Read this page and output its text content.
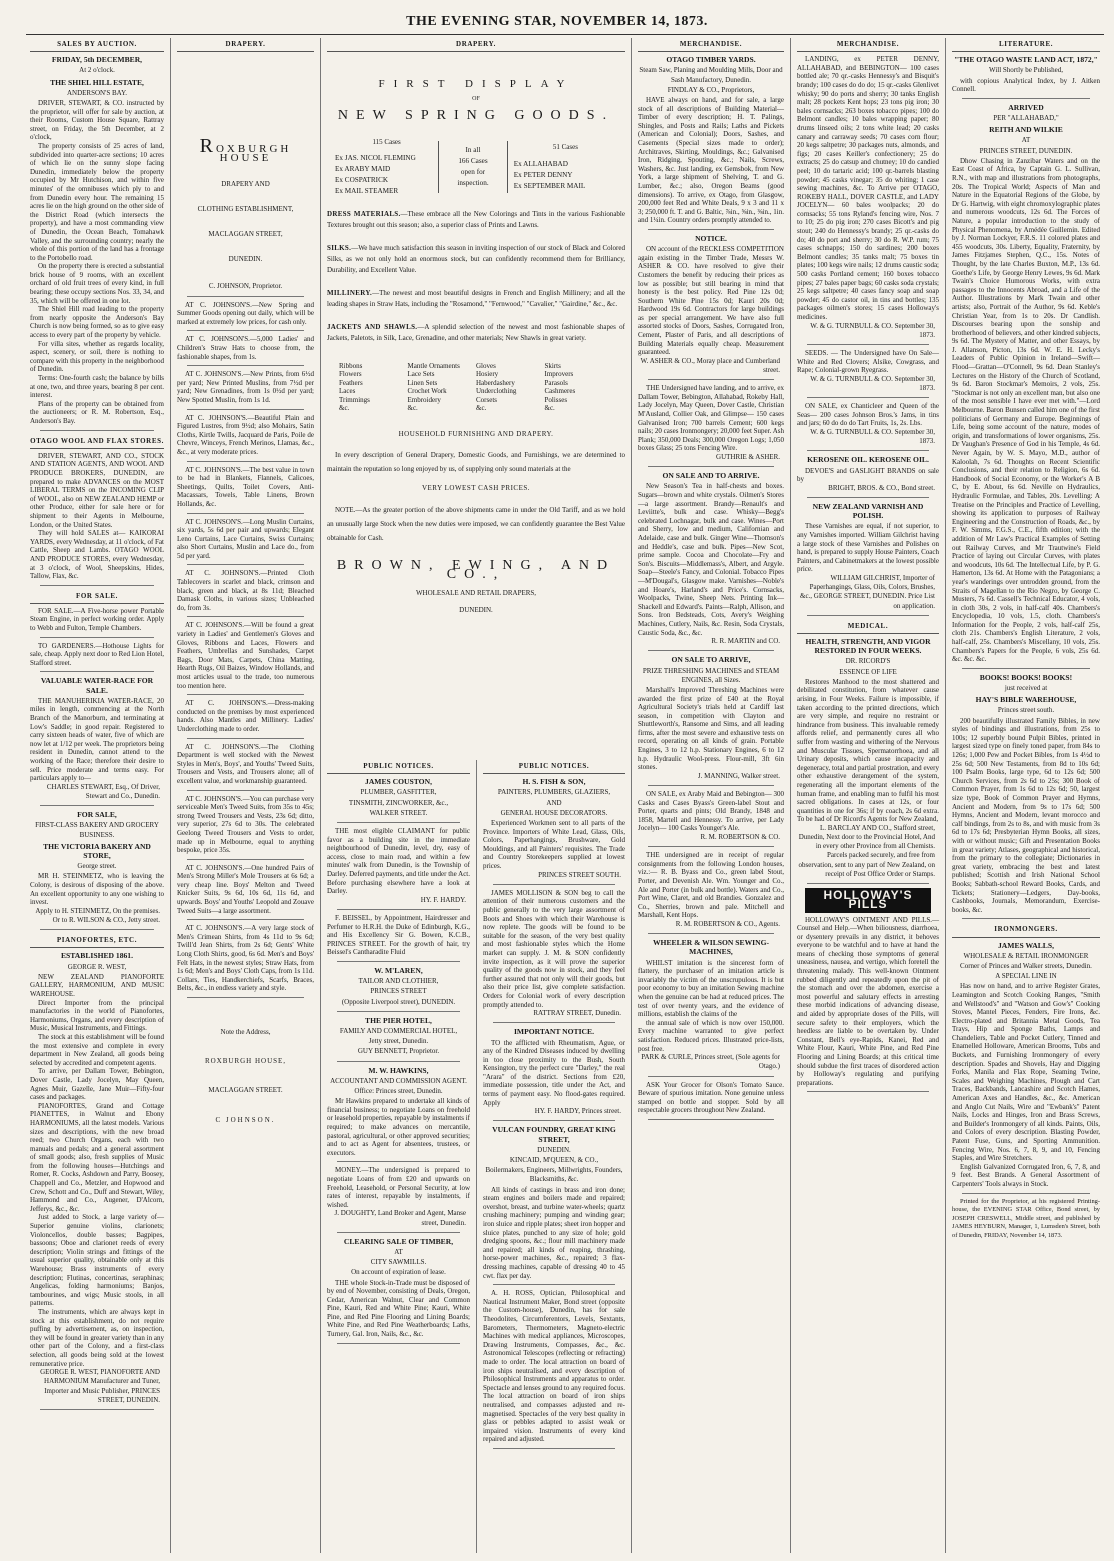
THE EVENING STAR, NOVEMBER 14, 1873.
SALES BY AUCTION.
FRIDAY, 5th DECEMBER,
At 2 o'clock.
THE SHIEL HILL ESTATE,
ANDERSON'S BAY.
DRIVER, STEWART, & CO. instructed by the proprietor, will offer for sale by auction, at their Rooms, Custom House Square, Rattray street, on Friday, the 5th December, at 2 o'clock,
The property consists of 25 acres of land, subdivided into quarter-acre sections; 10 acres of which lie on the sunny slope facing Dunedin, immediately below the property occupied by Mr Hutchison, and within five minutes' of the omnibuses which ply to and from Dunedin every hour. The remaining 15 acres lie on the high ground on the other side of the District Road (which intersects the property), and have a most commanding view of Dunedin, the Ocean Beach, Tomahawk Valley, and the surrounding country; nearly the whole of this portion of the land has a frontage to the Portobello road.
On the property there is erected a substantial brick house of 9 rooms, with an excellent orchard of old fruit trees of every kind, in full bearing; these occupy sections Nos. 33, 34, and 35, which will be offered in one lot.
The Shiel Hill road leading to the property from nearly opposite the Anderson's Bay Church is now being formed, so as to give easy access to every part of the property by vehicle.
For villa sites, whether as regards locality, aspect, scenery, or soil, there is nothing to compare with this property in the neighborhood of Dunedin.
Terms: One-fourth cash; the balance by bills at one, two, and three years, bearing 8 per cent. interest.
Plans of the property can be obtained from the auctioneers; or R. M. Robertson, Esq., Anderson's Bay.
OTAGO WOOL AND FLAX STORES.
DRIVER, STEWART, AND CO., STOCK AND STATION AGENTS, AND WOOL AND PRODUCE BROKERS, DUNEDIN, are prepared to make ADVANCES on the MOST LIBERAL TERMS on the INCOMING CLIP of WOOL, also on NEW ZEALAND HEMP or other Produce, either for sale here or for shipment to their Agents in Melbourne, London, or the United States.
They will hold SALES at— KAIKORAI YARDS, every Wednesday, at 11 o'clock, of Fat Cattle, Sheep and Lambs. OTAGO WOOL AND PRODUCE STORES, every Wednesday, at 3 o'clock, of Wool, Sheepskins, Hides, Tallow, Flax, &c.
FOR SALE.
FOR SALE.—A Five-horse power Portable Steam Engine, in perfect working order. Apply to Webb and Fulton, Temple Chambers.
TO GARDENERS.—Hothouse Lights for sale, cheap. Apply next door to Red Lion Hotel, Stafford street.
VALUABLE WATER-RACE FOR SALE.
THE MANUHERIKIA WATER-RACE, 20 miles in length, commencing at the North Branch of the Manorburn, and terminating at Low's Saddle; in good repair. Registered to carry sixteen heads of water, five of which are now let at 1/12 per week. The proprietors being resident in Dunedin, cannot attend to the working of the Race; therefore their desire to sell. Price moderate and terms easy. For particulars apply to—
CHARLES STEWART, Esq., Of Driver, Stewart and Co., Dunedin.
FOR SALE,
FIRST-CLASS BAKERY AND GROCERY BUSINESS.
THE VICTORIA BAKERY AND STORE,
George street.
MR H. STEINMETZ, who is leaving the Colony, is desirous of disposing of the above. An excellent opportunity to any one wishing to invest.
Apply to H. STEINMETZ, On the premises. Or to R. WILSON & CO., Jetty street.
PIANOFORTES, ETC.
ESTABLISHED 1861.
GEORGE R. WEST,
NEW ZEALAND PIANOFORTE GALLERY, HARMONIUM, AND MUSIC WAREHOUSE.
Direct Importer from the principal manufactories in the world of Pianofortes, Harmoniums, Organs, and every description of Music, Musical Instruments, and Fittings.
The stock at this establishment will be found the most extensive and complete in every department in New Zealand, all goods being selected by accredited and competent agents.
To arrive, per Dallam Tower, Bebington, Dover Castle, Lady Jocelyn, May Queen, Agnes Muir, Gazelle, Jane Muir—Fifty-four cases and packages.
PIANOFORTES, Grand and Cottage PIANETTES, in Walnut and Ebony HARMONIUMS, all the latest models. Various sizes and descriptions, with the new broad reed; two Church Organs, each with two manuals and pedals; and a general assortment of small goods; also, fresh supplies of Music from the following houses—Hutchings and Romer, R. Cocks, Ashdown and Parry, Boosey, Chappell and Co., Metzler, and Hopwood and Crew, Schott and Co., Duff and Stewart, Wiley, Hammond and Co., Augener, D'Alcorn, Jefferys, &c., &c.
Just added to Stock, a large variety of— Superior genuine violins, clarionets; Violoncellos, double basses; Bagpipes, bassoons; Oboe and clarionet reeds of every description; Violin strings and fittings of the usual superior quality, obtainable only at this Warehouse; Brass instruments of every description; Flutinas, concertinas, seraphinas; Angelicas, folding harmoniums; Banjos, tambourines, and wigs; Music stools, in all patterns.
The instruments, which are always kept in stock at this establishment, do not require puffing by advertisement, as, on inspection, they will be found in greater variety than in any other part of the Colony, and a first-class selection, all goods being sold at the lowest remunerative price.
GEORGE R. WEST, PIANOFORTE AND HARMONIUM Manufacturer and Tuner, Importer and Music Publisher, PRINCES STREET, DUNEDIN.
DRAPERY.
ROXBURGH HOUSE
DRAPERY AND
CLOTHING ESTABLISHMENT,
MACLAGGAN STREET,
DUNEDIN.
C. JOHNSON, Proprietor.
AT C. JOHNSON'S.—New Spring and Summer Goods opening out daily, which will be marked at extremely low prices, for cash only.
AT C. JOHNSON'S.—5,000 Ladies' and Children's Straw Hats to choose from, the fashionable shapes, from 1s.
AT C. JOHNSON'S.—New Prints, from 6½d per yard; New Printed Muslins, from 7½d per yard; New Grenadines, from 1s 0½d per yard; New Spotted Muslin, from 1s 1d.
AT C. JOHNSON'S.—Beautiful Plain and Figured Lustres, from 9½d; also Mohairs, Satin Cloths, Kirtle Twills, Jacquard de Paris, Poile de Chevre, Winceys, French Merinos, Llamas, &c., &c., at very moderate prices.
AT C. JOHNSON'S.—The best value in town to be had in Blankets, Flannels, Calicoes, Sheetings, Quilts, Toilet Covers, Anti-Macassars, Towels, Table Linens, Brown Hollands, &c.
AT C. JOHNSON'S.—Long Muslin Curtains, six yards, 5s 6d per pair and upwards; Elegant Leno Curtains, Lace Curtains, Swiss Curtains; also Short Curtains, Muslin and Lace do., from 5d per yard.
AT C. JOHNSON'S.—Printed Cloth Tablecovers in scarlet and black, crimson and black, green and black, at 8s 11d; Bleached Damask Cloths, in various sizes; Unbleached do, from 3s.
AT C. JOHNSON'S.—Will be found a great variety in Ladies' and Gentlemen's Gloves and Gloves, Ribbons and Laces, Flowers and Feathers, Umbrellas and Sunshades, Carpet Bags, Door Mats, Carpets, China Matting, Hearth Rugs, Oil Baizes, Window Hollands, and most articles usual to the trade, too numerous too mention here.
AT C. JOHNSON'S.—Dress-making conducted on the premises by most experienced hands. Also Mantles and Millinery. Ladies' Underclothing made to order.
AT C. JOHNSON'S.—The Clothing Department is well stocked with the Newest Styles in Men's, Boys', and Youths' Tweed Suits, Trousers and Vests, and Trousers alone; all of excellent value, and workmanship guaranteed.
AT C. JOHNSON'S.—You can purchase very serviceable Men's Tweed Suits, from 35s to 45s; strong Tweed Trousers and Vests, 23s 6d; ditto, very superior, 27s 6d to 30s. The celebrated Geelong Tweed Trousers and Vests to order, made up in Melbourne, equal to anything bespoke, price 35s.
AT C. JOHNSON'S.—One hundred Pairs of Men's Strong Miller's Mole Trousers at 6s 6d; a very cheap line. Boys' Melton and Tweed Knicker Suits, 9s 6d, 10s 6d, 11s 6d, and upwards. Boys' and Youths' Leopold and Zouave Tweed Suits—a large assortment.
AT C. JOHNSON'S.—A very large stock of Men's Crimean Shirts, from 4s 11d to 9s 6d; Twill'd Jean Shirts, from 2s 6d; Gents' White Long Cloth Shirts, good, 6s 6d. Men's and Boys' Felt Hats, in the newest styles; Straw Hats, from 1s 6d; Men's and Boys' Cloth Caps, from 1s 11d. Collars, Ties, Handkerchiefs, Scarfs, Braces, Belts, &c., in endless variety and style.
Note the Address,
ROXBURGH HOUSE,
MACLAGGAN STREET.
C JOHNSON.
DRAPERY.
FIRST DISPLAY
OF
NEW SPRING GOODS.
115 Cases
Ex JAS. NICOL FLEMING
Ex ARABY MAID
Ex COSPATRICK
Ex MAIL STEAMER
In all
166 Cases
open for
inspection.
51 Cases
Ex ALLAHABAD
Ex PETER DENNY
Ex SEPTEMBER MAIL
DRESS MATERIALS.—These embrace all the New Colorings and Tints in the various Fashionable Textures brought out this season; also, a superior class of Prints and Lawns.
SILKS.—We have much satisfaction this season in inviting inspection of our stock of Black and Colored Silks, as we not only hold an enormous stock, but can confidently recommend them for Brilliancy, Durability, and Excellent Value.
MILLINERY.—The newest and most beautiful designs in French and English Millinery; and all the leading shapes in Straw Hats, including the "Rosamond," "Fernwood," "Cavalier," "Gairdine," &c., &c.
JACKETS AND SHAWLS.—A splendid selection of the newest and most fashionable shapes of Jackets, Paletots, in Silk, Lace, Grenadine, and other materials; New Shawls in great variety.
Ribbons
Flowers
Feathers
Laces
Trimmings
&c.
Mantle Ornaments
Lace Sets
Linen Sets
Crochet Work
Embroidery
&c.
Gloves
Hosiery
Haberdashery
Underclothing
Corsets
&c.
Skirts
Improvers
Parasols
Cashmeres
Polisses
&c.
HOUSEHOLD FURNISHING AND DRAPERY.
In every description of General Drapery, Domestic Goods, and Furnishings, we are determined to maintain the reputation so long enjoyed by us, of supplying only sound materials at the
VERY LOWEST CASH PRICES.
NOTE.—As the greater portion of the above shipments came in under the Old Tariff, and as we hold an unusually large Stock when the new duties were imposed, we can confidently guarantee the Best Value obtainable for Cash.
BROWN, EWING, AND CO.,
WHOLESALE AND RETAIL DRAPERS,
DUNEDIN.
PUBLIC NOTICES.
JAMES COUSTON,
PLUMBER, GASFITTER,
TINSMITH, ZINCWORKER, &c.,
WALKER STREET.
THE most eligible CLAIMANT for public favor as a building site in the immediate neighbourhood of Dunedin, level, dry, easy of access, close to main road, and within a few minutes' walk from Dunedin, is the Township of Darley. Deferred payments, and title under the Act. Before purchasing elsewhere have a look at Darley.
HY. F. HARDY.
F. BEISSEL, by Appointment, Hairdresser and Perfumer to H.R.H. the Duke of Edinburgh, K.G., and His Excellency Sir G. Bowen, K.C.B., PRINCES STREET. For the growth of hair, try Beissel's Cantharadite Fluid
W. M'LAREN,
TAILOR AND CLOTHIER,
PRINCES STREET
(Opposite Liverpool street), DUNEDIN.
THE PIER HOTEL,
FAMILY AND COMMERCIAL HOTEL,
Jetty street, Dunedin.
GUY BENNETT, Proprietor.
M. W. HAWKINS,
ACCOUNTANT AND COMMISSION AGENT.
Office: Princes street, Dunedin.
Mr Hawkins prepared to undertake all kinds of financial business; to negotiate Loans on freehold or leasehold properties, repayable by instalments if required; to make advances on mercantile, pastoral, agricultural, or other approved securities; and to act as Agent for absentees, trustees, or executors.
MONEY.—The undersigned is prepared to negotiate Loans of from £20 and upwards on Freehold, Leasehold, or Personal Security, at low rates of interest, repayable by instalments, if wished.
J. DOUGHTY, Land Broker and Agent, Manse street, Dunedin.
CLEARING SALE OF TIMBER,
AT
CITY SAWMILLS.
On account of expiration of lease.
THE whole Stock-in-Trade must be disposed of by end of November, consisting of Deals, Oregon, Cedar, American Walnut, Clear and Common Pine, Kauri, Red and White Pine; Kauri, White Pine, and Red Pine Flooring and Lining Boards; White Pine, and Red Pine Weatherboards; Laths, Turnery, Gal. Iron, Nails, &c., &c.
PUBLIC NOTICES.
H. S. FISH & SON,
PAINTERS, PLUMBERS, GLAZIERS,
AND
GENERAL HOUSE DECORATORS.
Experienced Workmen sent to all parts of the Province. Importers of White Lead, Glass, Oils, Colors, Paperhangings, Brushware, Gold Mouldings, and all Painters' requisites. The Trade and Country Storekeepers supplied at lowest prices.
PRINCES STREET SOUTH.
JAMES MOLLISON & SON beg to call the attention of their numerous customers and the public generally to the very large assortment of Boots and Shoes with which their Warehouse is now replete. The goods will be found to be suitable for the season, of the very best quality and most fashionable styles which the Home market can supply. J. M. & SON confidently invite inspection, as it will prove the superior quality of the goods now in stock, and they feel further assured that not only will their goods, but also their price list, give complete satisfaction. Orders for Colonial work of every description promptly attended to.
RATTRAY STREET, Dunedin.
IMPORTANT NOTICE.
TO the afflicted with Rheumatism, Ague, or any of the Kindred Diseases induced by dwelling in too close proximity to the Bush, South Kensington, try the perfect cure "Darley," the real "Arara" of the district. Sections from £20, immediate possession, title under the Act, and terms of payment easy. No flood-gates required. Apply
HY. F. HARDY, Princes street.
VULCAN FOUNDRY, GREAT KING STREET,
DUNEDIN.
KINCAID, M'QUEEN, & CO.,
Boilermakers, Engineers, Millwrights, Founders, Blacksmiths, &c.
All kinds of castings in brass and iron done; steam engines and boilers made and repaired; overshot, breast, and turbine water-wheels; quartz crushing machinery; pumping and winding gear; iron sluice and ripple plates; sheet iron hopper and sluice plates, punched to any size of hole; gold dredging spoons, &c.; flour mill machinery made and repaired; all kinds of reaping, thrashing, horse-power machines, &c., repaired; 3 flax-dressing machines, capable of dressing 40 to 45 cwt. flax per day.
A. H. ROSS, Optician, Philosophical and Nautical Instrument Maker, Bond street (opposite the Custom-house), Dunedin, has for sale Theodolites, Circumferentors, Levels, Sextants, Barometers, Thermometers, Magneto-electric Machines with medical appliances, Microscopes, Drawing Instruments, Compasses, &c., &c. Astronomical Telescopes (reflecting or refracting) made to order. The local attraction on board of iron ships neutralised, and every description of Philosophical Instruments and apparatus to order. Spectacle and lenses ground to any required focus. The local attraction on board of iron ships neutralised, and compasses adjusted and re-magnetised. Spectacles of the very best quality in glass or pebbles adapted to assist weak or impaired vision. Instruments of every kind repaired and adjusted.
MERCHANDISE.
OTAGO TIMBER YARDS.
Steam Saw, Planing and Moulding Mills, Door and Sash Manufactory, Dunedin.
FINDLAY & CO., Proprietors,
HAVE always on hand, and for sale, a large stock of all descriptions of Building Material— Timber of every description; H. T. Palings, Shingles, and Posts and Rails; Laths and Pickets (American and Colonial); Doors, Sashes, and Casements (Special sizes made to order); Architraves, Skirting, Mouldings, &c.; Galvanised Iron, Ridging, Spouting, &c.; Nails, Screws, Washers, &c. Just landing, ex Gemsbok, from New York, a large shipment of Shelving, T. and G. Lumber, &c.; also, Oregon Beams (good dimensions). To arrive, ex Otago, from Glasgow, 200,000 feet Red and White Deals, 9 x 3 and 11 x 3; 250,000 ft. T. and G. Baltic, ⅞in., ⅝in., ⅜in., 1in. and 1¼in. Country orders promptly attended to.
NOTICE.
ON account of the RECKLESS COMPETITION again existing in the Timber Trade, Messrs W. ASHER & CO. have resolved to give their Customers the benefit by reducing their prices as low as possible; but still bearing in mind that honesty is the best policy. Red Pine 12s 0d; Southern White Pine 15s 0d; Kauri 20s 0d; Hardwood 19s 6d. Contractors for large buildings as per special arrangement. We have also full assorted stocks of Doors, Sashes, Corrugated Iron, Cement, Plaster of Paris, and all descriptions of Building Materials equally cheap. Measurement guaranteed.
W. ASHER & CO., Moray place and Cumberland street.
THE Undersigned have landing, and to arrive, ex Dallam Tower, Bebington, Allahabad, Rokeby Hall, Lady Jocelyn, May Queen, Dover Castle, Christian M'Ausland, Collier Oak, and Glimpse— 150 cases Galvanised Iron; 700 barrels Cement; 600 kegs nails; 20 cases Ironmongery; 20,000 feet Super. Ash Plank; 350,000 Deals; 300,000 Oregon Logs; 1,050 boxes Glass; 25 tons Fencing Wire.
GUTHRIE & ASHER.
ON SALE AND TO ARRIVE.
New Season's Tea in half-chests and boxes. Sugars—brown and white crystals. Oilmen's Stores—a large assortment. Brandy—Renault's and Leviitte's, bulk and case. Whisky—Begg's celebrated Lochnagar, bulk and case. Wines—Port and Sherry, low and medium, Californian and Adelaide, case and bulk. Ginger Wine—Thomson's and Heddle's, case and bulk. Pipes—New Scot, prime sample. Cocoa and Chocolate—Fry and Son's. Biscuits—Middlemass's, Albert, and Argyle. Soap—Steele's Fancy, and Colonial. Tobacco Pipes—M'Dougal's, Glasgow make. Varnishes—Noble's and Hoare's, Harland's and Price's. Cornsacks, Woolpacks, Twine, Sheep Nets. Printing Ink—Shackell and Edward's. Paints—Ralph, Allison, and Sons. Iron Bedsteads, Cots, Avery's Weighing Machines, Cutlery, Nails, &c. Resin, Soda Crystals, Caustic Soda, &c., &c.
R. R. MARTIN and CO.
ON SALE TO ARRIVE,
PRIZE THRESHING MACHINES and STEAM ENGINES, all Sizes.
Marshall's Improved Threshing Machines were awarded the first prize of £40 at the Royal Agricultural Society's trials held at Cardiff last season, in competition with Clayton and Shuttleworth's, Ransome and Sims, and all leading firms, after the most severe and exhaustive tests on record, operating on all kinds of grain. Portable Engines, 3 to 12 h.p. Stationary Engines, 6 to 12 h.p. Hydraulic Wool-press. Flour-mill, 3ft 6in stones.
J. MANNING, Walker street.
ON SALE, ex Araby Maid and Bebington— 300 Casks and Cases Byass's Green-label Stout and Porter, quarts and pints; Old Brandy, 1848 and 1858, Martell and Hennessy. To arrive, per Lady Jocelyn— 100 Casks Younger's Ale.
R. M. ROBERTSON & CO.
THE undersigned are in receipt of regular consignments from the following London houses, viz.:— R. B. Byass and Co., green label Stout, Porter, and Devenish Ale. Wm. Younger and Co., Ale and Porter (in bulk and bottle). Waters and Co., Port Wine, Claret, and old Brandies. Gonzalez and Co., Sherries, brown and pale. Mitchell and Marshall, Kent Hops.
R. M. ROBERTSON & CO., Agents.
WHEELER & WILSON SEWING-MACHINES,
WHILST imitation is the sincerest form of flattery, the purchaser of an imitation article is invariably the victim of the unscrupulous. It is but poor economy to buy an imitation Sewing machine when the genuine can be had at reduced prices. The test of over twenty years, and the evidence of millions, establish the claims of the
the annual sale of which is now over 150,000. Every machine warranted to give perfect satisfaction. Reduced prices. Illustrated price-lists, post free.
PARK & CURLE, Princes street, (Sole agents for Otago.)
ASK Your Grocer for Olson's Tomato Sauce. Beware of spurious imitation. None genuine unless stamped on bottle and stopper. Sold by all respectable grocers throughout New Zealand.
MERCHANDISE.
LANDING, ex PETER DENNY, ALLAHABAD, and BEBINGTON— 100 cases bottled ale; 70 qr.-casks Hennessy's and Bisquit's brandy; 100 cases do do do; 15 qr.-casks Glenlivet whisky; 90 do ports and sherry; 30 tanks English malt; 28 pockets Kent hops; 23 tons pig iron; 30 bales cornsacks; 263 boxes tobacco pipes; 100 do Belmont candles; 10 bales wrapping paper; 80 drums linseed oils; 2 tons white lead; 20 casks canary and carraway seeds; 70 cases corn flour; 20 kegs saltpetre; 30 packages nuts, almonds, and figs; 20 cases Keiller's confectionery; 25 do extracts; 25 do catsup and chutney; 10 do candied peel; 10 do tartaric acid; 100 qr.-barrels blasting powder; 45 casks vinegar; 35 do whiting; 1 case sewing machines, &c. To Arrive per OTAGO, ROKEBY HALL, DOVER CASTLE, and LADY JOCELYN— 60 bales woolpacks; 20 do cornsacks; 55 tons Ryland's fencing wire, Nos. 7 to 10; 25 do pig iron; 270 cases Bicott's and pig stout; 240 do Hennessy's brandy; 25 qr.-casks do do; 40 do port and sherry; 30 do R. W.P. rum; 75 cases schnapps; 150 do sardines; 200 boxes Belmont candles; 35 tanks malt; 75 boxes tin plates; 100 kegs wire nails; 12 drums caustic soda; 500 casks Portland cement; 160 boxes tobacco pipes; 27 bales paper bags; 60 casks soda crystals; 25 kegs saltpetre; 40 cases fancy soap and soap powder; 45 do castor oil, in tins and bottles; 135 packages oilmen's stores; 15 cases Holloway's medicines.
W. & G. TURNBULL & CO. September 30, 1873.
SEEDS. — The Undersigned have On Sale— White and Red Clovers; Alsike, Cowgrass, and Rape; Colonial-grown Ryegrass.
W. & G. TURNBULL & CO. September 30, 1873.
ON SALE, ex Chanticleer and Queen of the Seas— 200 cases Johnson Bros.'s Jams, in tins and jars; 60 do do do Tart Fruits, 1s, 2s. Lbs.
W. & G. TURNBULL & CO. September 30, 1873.
KEROSENE OIL. KEROSENE OIL.
DEVOE'S and GASLIGHT BRANDS on sale by
BRIGHT, BROS. & CO., Bond street.
NEW ZEALAND VARNISH AND POLISH.
These Varnishes are equal, if not superior, to any Varnishes imported. William Gilchrist having a large stock of these Varnishes and Polishes on hand, is prepared to supply House Painters, Coach Painters, and Cabinetmakers at the lowest possible price.
WILLIAM GILCHRIST, Importer of Paperhangings, Glass, Oils, Colors, Brushes, &c., GEORGE STREET, DUNEDIN. Price List on application.
MEDICAL.
HEALTH, STRENGTH, AND VIGOR RESTORED IN FOUR WEEKS.
DR. RICORD'S
ESSENCE OF LIFE
Restores Manhood to the most shattered and debilitated constitution, from whatever cause arising, in Four Weeks. Failure is impossible, if taken according to the printed directions, which are very simple, and require no restraint or hindrance from business. This invaluable remedy affords relief, and permanently cures all who suffer from wasting and withering of the Nervous and Muscular Tissues, Spermatorrhoea, and all Urinary deposits, which cause incapacity and degeneracy, total and partial prostration, and every other exhaustive derangement of the system, regenerating all the important elements of the human frame, and enabling man to fulfil his most sacred obligations. In cases at 12s, or four quantities in one for 36s; if by coach, 2s 6d extra. To be had of Dr Ricord's Agents for New Zealand,
L. BARCLAY AND CO., Stafford street, Dunedin, Next door to the Provincial Hotel, And in every other Province from all Chemists. Parcels packed securely, and free from observation, sent to any part of New Zealand, on receipt of Post Office Order or Stamps.
HOLLOWAY'S PILLS
HOLLOWAY'S OINTMENT AND PILLS.—Counsel and Help.—When biliousness, diarrhoea, or dysentery prevails in any district, it behoves everyone to be watchful and to have at hand the means of checking those symptoms of general uneasiness, nausea, and vertigo, which foretell the threatening malady. This well-known Ointment rubbed diligently and repeatedly upon the pit of the stomach and over the abdomen, exercise a most powerful and salutary effects in arresting these morbid indications of advancing disease, and aided by appropriate doses of the Pills, will secure safety to their employers, which the heedless are liable to be overtaken by. Under Constant, Bell's eye-Rapids, Kanei, Red and White Flour, Kauri, White Pine, and Red Pine Flooring and Lining Boards; at this critical time should subdue the first traces of disordered action by Holloway's regulating and purifying preparations.
LITERATURE.
"THE OTAGO WASTE LAND ACT, 1872,"
Will Shortly be Published,
with copious Analytical Index, by J. Aitken Connell.
ARRIVED
PER "ALLAHABAD,"
REITH AND WILKIE
AT
PRINCES STREET, DUNEDIN.
Dhow Chasing in Zanzibar Waters and on the East Coast of Africa, by Captain G. L. Sullivan, R.N., with map and illustrations from photographs, 20s. The Tropical World; Aspects of Man and Nature in the Equatorial Regions of the Globe, by Dr G. Hartwig, with eight chromoxylographic plates and numerous woodcuts, 12s 6d. The Forces of Nature, a popular introduction to the study of Physical Phenomena, by Amédée Guillemin. Edited by J. Norman Lockyer, F.R.S. 11 colored plates and 455 woodcuts, 30s. Liberty, Equality, Fraternity, by James Fitzjames Stephen, Q.C., 15s. Notes of Thought, by the late Charles Buxton, M.P., 13s 6d. Goethe's Life, by George Henry Lewes, 9s 6d. Mark Twain's Choice Humorous Works, with extra passages to the Innocents Abroad, and a Life of the Author. Illustrations by Mark Twain and other artists; also, Portrait of the Author, 9s 6d. Keble's Christian Year, from 1s to 20s. Dr Candlish. Discourses bearing upon the sonship and brotherhood of believers, and other kindred subjects, 9s 6d. The Mystery of Matter, and other Essays, by J. Allanson, Picton, 13s 6d. W. E. H. Lecky's Leaders of Public Opinion in Ireland—Swift—Flood—Grattan—O'Connell, 9s 6d. Dean Stanley's Lectures on the History of the Church of Scotland, 9s 6d. Baron Stockmar's Memoirs, 2 vols, 25s. "Stockmar is not only an excellent man, but also one of the most sensible I have ever met with."—Lord Melbourne. Baron Bunsen called him one of the first politicians of Germany and Europe. Beginnings of Life, being some account of the nature, modes of origin, and transformations of lower organisms, 25s. Dr Vaughan's Presence of God in his Temple, 4s 6d. Never Again, by W. S. Mayo, M.D., author of Kaloolah, 7s 6d. Thoughts on Recent Scientific Conclusions, and their relation to Religion, 6s 6d. Handbook of Social Economy, or the Worker's A B C, by E. About, 6s 6d. Neville on Hydraulics, Hydraulic Formulae, and Tables, 20s. Levelling: A Treatise on the Principles and Practice of Levelling, showing its application to purposes of Railway Engineering and the Construction of Roads, &c., by F. W. Simms, F.G.S., C.E., fifth edition; with the addition of Mr Law's Practical Examples of Setting out Railway Curves, and Mr Trautwine's Field Practice of laying out Circular Curves, with plates and woodcuts, 10s 6d. The Intellectual Life, by P. G. Hamerton, 13s 6d. At Home with the Patagonians; a year's wanderings over untrodden ground, from the Straits of Magellan to the Rio Negro, by George C. Musters, 7s 6d. Cassell's Technical Educator, 4 vols, in cloth 30s, 2 vols, in half-calf 40s. Chambers's Encyclopedia, 10 vols, 1.5, cloth. Chambers's Information for the People, 2 vols, half-calf 25s, cloth 21s. Chambers's English Literature, 2 vols, half-calf, 25s. Chambers's Miscellany, 10 vols, 25s. Chambers's Papers for the People, 6 vols, 25s 6d. &c. &c. &c.
BOOKS! BOOKS! BOOKS!
just received at
HAY'S BIBLE WAREHOUSE,
Princes street south.
200 beautifully illustrated Family Bibles, in new styles of bindings and illustrations, from 25s to 100s; 12 superbly bound Pulpit Bibles, printed in largest sized type on finely toned paper, from 84s to 126s; 1,000 Pew and Pocket Bibles, from 1s 4½d to 25s 6d; 500 New Testaments, from 8d to 10s 6d; 100 Psalm Books, large type, 6d to 12s 6d; 500 Church Services, from 2s 6d to 25s; 300 Book of Common Prayer, from 1s 6d to 12s 6d; 50, largest size type, Book of Common Prayer and Hymns, Ancient and Modern, from 9s to 17s 6d; 500 Hymns, Ancient and Modern, levant morocco and calf bindings, from 2s to 8s, and with music from 3s 6d to 17s 6d; Presbyterian Hymn Books, all sizes, with or without music; Gift and Presentation Books in great variety; Atlases, geographical and historical, from the primary to the collegiate; Dictionaries in great variety, embracing the best and latest published; Scottish and Irish National School Books; Sabbath-school Reward Books, Cards, and Tickets; Stationery—Ledgers, Day-books, Cashbooks, Journals, Memorandum, Exercise-books, &c.
IRONMONGERS.
JAMES WALLS,
WHOLESALE & RETAIL IRONMONGER
Corner of Princes and Walker streets, Dunedin.
A SPECIAL LINE IN
Has now on hand, and to arrive Register Grates, Leamington and Scotch Cooking Ranges, "Smith and Wellstood's" and "Watson and Gow's" Cooking Stoves, Mantel Pieces, Fenders, Fire Irons, &c. Electro-plated and Britannia Metal Goods, Tea Trays, Hip and Sponge Baths, Lamps and Chandeliers, Table and Pocket Cutlery, Tinned and Enamelled Holloware, American Brooms, Tubs and Buckets, and Furnishing Ironmongery of every description. Spades and Shovels, Hay and Digging Forks, Manila and Flax Rope, Seaming Twine, Scales and Weighing Machines, Plough and Cart Traces, Backbands, Lancashire and Scotch Hames, American Axes and Handles, &c., &c. American and Anglo Cut Nails, Wire and "Ewbank's" Patent Nails, Locks and Hinges, Iron and Brass Screws, and Builder's Ironmongery of all kinds. Paints, Oils, and Colors of every description. Blasting Powder, Patent Fuse, Guns, and Sporting Ammunition. Fencing Wire, Nos. 6, 7, 8, 9, and 10, Fencing Staples, and Wire Stretchers.
English Galvanized Corrugated Iron, 6, 7, 8, and 9 feet. Best Brands. A General Assortment of Carpenters' Tools always in Stock.
Printed for the Proprietor, at his registered Printing-house, the EVENING STAR Office, Bond street, by JOSEPH CRESWELL, Middle street, and published by JAMES HEYBURN, Manager, 1, Lumsden's Street, both of Dunedin, FRIDAY, November 14, 1873.
